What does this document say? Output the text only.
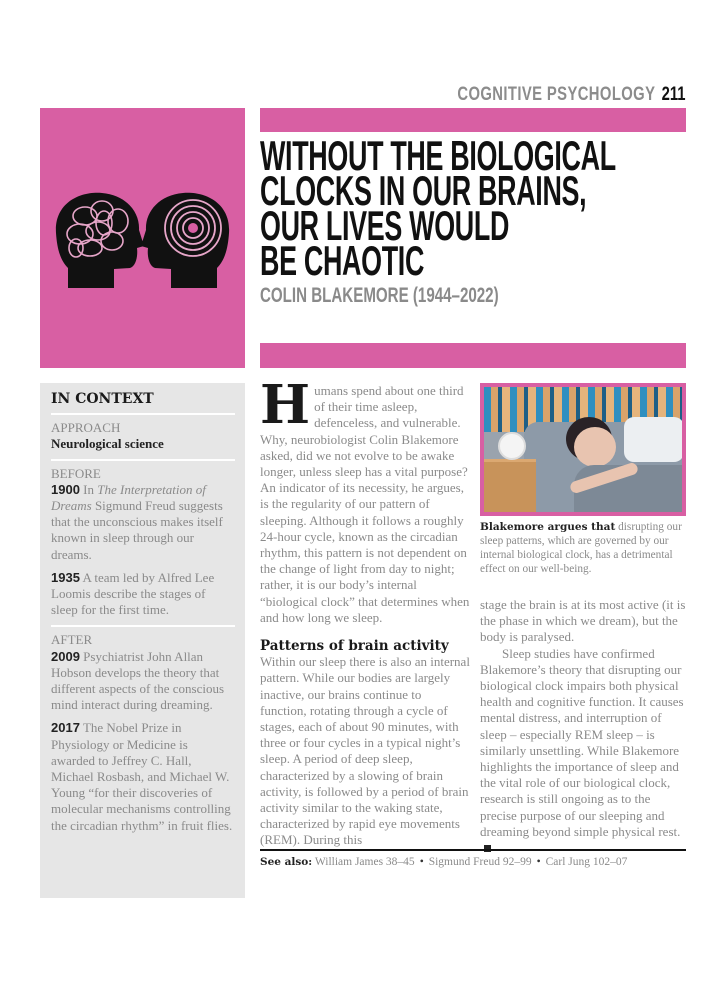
COGNITIVE PSYCHOLOGY 211
WITHOUT THE BIOLOGICAL
CLOCKS IN OUR BRAINS,
OUR LIVES WOULD
BE CHAOTIC
COLIN BLAKEMORE (1944–2022)
IN CONTEXT
APPROACH
Neurological science
BEFORE
1900 In The Interpretation of Dreams Sigmund Freud suggests that the unconscious makes itself known in sleep through our dreams.
1935 A team led by Alfred Lee Loomis describe the stages of sleep for the first time.
AFTER
2009 Psychiatrist John Allan Hobson develops the theory that different aspects of the conscious mind interact during dreaming.
2017 The Nobel Prize in Physiology or Medicine is awarded to Jeffrey C. Hall, Michael Rosbash, and Michael W. Young “for their discoveries of molecular mechanisms controlling the circadian rhythm” in fruit flies.

Humans spend about one third of their time asleep, defenceless, and vulnerable. Why, neurobiologist Colin Blakemore asked, did we not evolve to be awake longer, unless sleep has a vital purpose? An indicator of its necessity, he argues, is the regularity of our pattern of sleeping. Although it follows a roughly 24-hour cycle, known as the circadian rhythm, this pattern is not dependent on the change of light from day to night; rather, it is our body’s internal “biological clock” that determines when and how long we sleep.

Patterns of brain activity

Within our sleep there is also an internal pattern. While our bodies are largely inactive, our brains continue to function, rotating through a cycle of stages, each of about 90 minutes, with three or four cycles in a typical night’s sleep. A period of deep sleep, characterized by a slowing of brain activity, is followed by a period of brain activity similar to the waking state, characterized by rapid eye movements (REM). During this

Blakemore argues that disrupting our sleep patterns, which are governed by our internal biological clock, has a detrimental effect on our well-being.

stage the brain is at its most active (it is the phase in which we dream), but the body is paralysed.

Sleep studies have confirmed Blakemore’s theory that disrupting our biological clock impairs both physical health and cognitive function. It causes mental distress, and interruption of sleep – especially REM sleep – is similarly unsettling. While Blakemore highlights the importance of sleep and the vital role of our biological clock, research is still ongoing as to the precise purpose of our sleeping and dreaming beyond simple physical rest.

See also: William James 38–45 • Sigmund Freud 92–99 • Carl Jung 102–07
